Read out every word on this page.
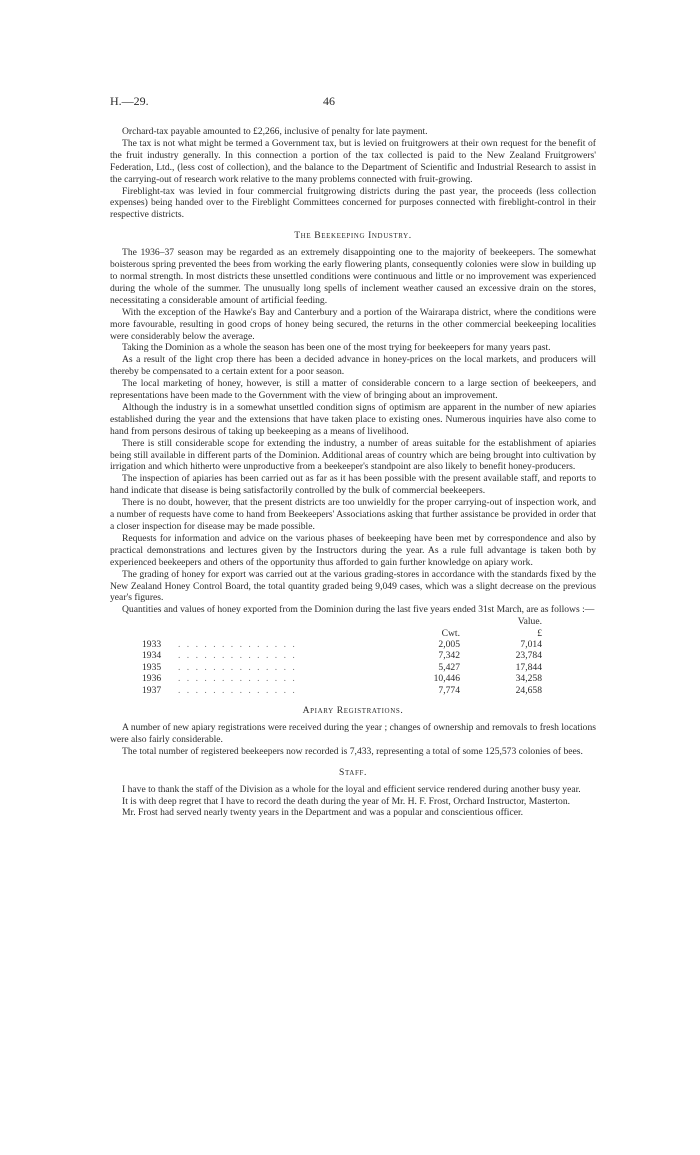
H.—29.	46

Orchard-tax payable amounted to £2,266, inclusive of penalty for late payment.

The tax is not what might be termed a Government tax, but is levied on fruitgrowers at their own request for the benefit of the fruit industry generally. In this connection a portion of the tax collected is paid to the New Zealand Fruitgrowers' Federation, Ltd., (less cost of collection), and the balance to the Department of Scientific and Industrial Research to assist in the carrying-out of research work relative to the many problems connected with fruit-growing.

Fireblight-tax was levied in four commercial fruitgrowing districts during the past year, the proceeds (less collection expenses) being handed over to the Fireblight Committees concerned for purposes connected with fireblight-control in their respective districts.

The Beekeeping Industry.

The 1936–37 season may be regarded as an extremely disappointing one to the majority of beekeepers. The somewhat boisterous spring prevented the bees from working the early flowering plants, consequently colonies were slow in building up to normal strength. In most districts these unsettled conditions were continuous and little or no improvement was experienced during the whole of the summer. The unusually long spells of inclement weather caused an excessive drain on the stores, necessitating a considerable amount of artificial feeding.

With the exception of the Hawke's Bay and Canterbury and a portion of the Wairarapa district, where the conditions were more favourable, resulting in good crops of honey being secured, the returns in the other commercial beekeeping localities were considerably below the average.

Taking the Dominion as a whole the season has been one of the most trying for beekeepers for many years past.

As a result of the light crop there has been a decided advance in honey-prices on the local markets, and producers will thereby be compensated to a certain extent for a poor season.

The local marketing of honey, however, is still a matter of considerable concern to a large section of beekeepers, and representations have been made to the Government with the view of bringing about an improvement.

Although the industry is in a somewhat unsettled condition signs of optimism are apparent in the number of new apiaries established during the year and the extensions that have taken place to existing ones. Numerous inquiries have also come to hand from persons desirous of taking up beekeeping as a means of livelihood.

There is still considerable scope for extending the industry, a number of areas suitable for the establishment of apiaries being still available in different parts of the Dominion. Additional areas of country which are being brought into cultivation by irrigation and which hitherto were unproductive from a beekeeper's standpoint are also likely to benefit honey-producers.

The inspection of apiaries has been carried out as far as it has been possible with the present available staff, and reports to hand indicate that disease is being satisfactorily controlled by the bulk of commercial beekeepers.

There is no doubt, however, that the present districts are too unwieldly for the proper carrying-out of inspection work, and a number of requests have come to hand from Beekeepers' Associations asking that further assistance be provided in order that a closer inspection for disease may be made possible.

Requests for information and advice on the various phases of beekeeping have been met by correspondence and also by practical demonstrations and lectures given by the Instructors during the year. As a rule full advantage is taken both by experienced beekeepers and others of the opportunity thus afforded to gain further knowledge on apiary work.

The grading of honey for export was carried out at the various grading-stores in accordance with the standards fixed by the New Zealand Honey Control Board, the total quantity graded being 9,049 cases, which was a slight decrease on the previous year's figures.

Quantities and values of honey exported from the Dominion during the last five years ended 31st March, are as follows :—

			Value.
		Cwt.	£
1933	. . . . . . . . . . . . . .	2,005	7,014
1934	. . . . . . . . . . . . . .	7,342	23,784
1935	. . . . . . . . . . . . . .	5,427	17,844
1936	. . . . . . . . . . . . . .	10,446	34,258
1937	. . . . . . . . . . . . . .	7,774	24,658
Apiary Registrations.

A number of new apiary registrations were received during the year ; changes of ownership and removals to fresh locations were also fairly considerable.

The total number of registered beekeepers now recorded is 7,433, representing a total of some 125,573 colonies of bees.

Staff.

I have to thank the staff of the Division as a whole for the loyal and efficient service rendered during another busy year.

It is with deep regret that I have to record the death during the year of Mr. H. F. Frost, Orchard Instructor, Masterton.

Mr. Frost had served nearly twenty years in the Department and was a popular and conscientious officer.
